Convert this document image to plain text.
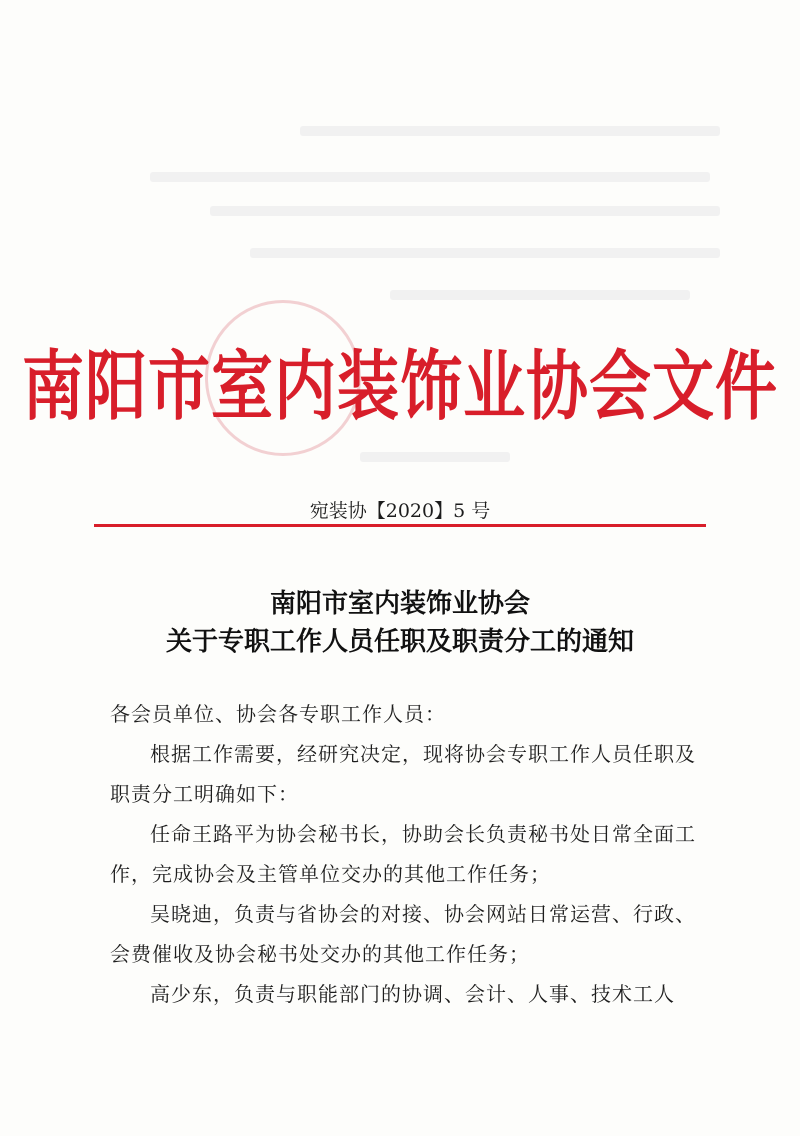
南阳市室内装饰业协会文件
宛装协【2020】5 号
南阳市室内装饰业协会
关于专职工作人员任职及职责分工的通知

各会员单位、协会各专职工作人员：

根据工作需要，经研究决定，现将协会专职工作人员任职及职责分工明确如下：

任命王路平为协会秘书长，协助会长负责秘书处日常全面工作，完成协会及主管单位交办的其他工作任务；

吴晓迪，负责与省协会的对接、协会网站日常运营、行政、会费催收及协会秘书处交办的其他工作任务；

高少东，负责与职能部门的协调、会计、人事、技术工人
